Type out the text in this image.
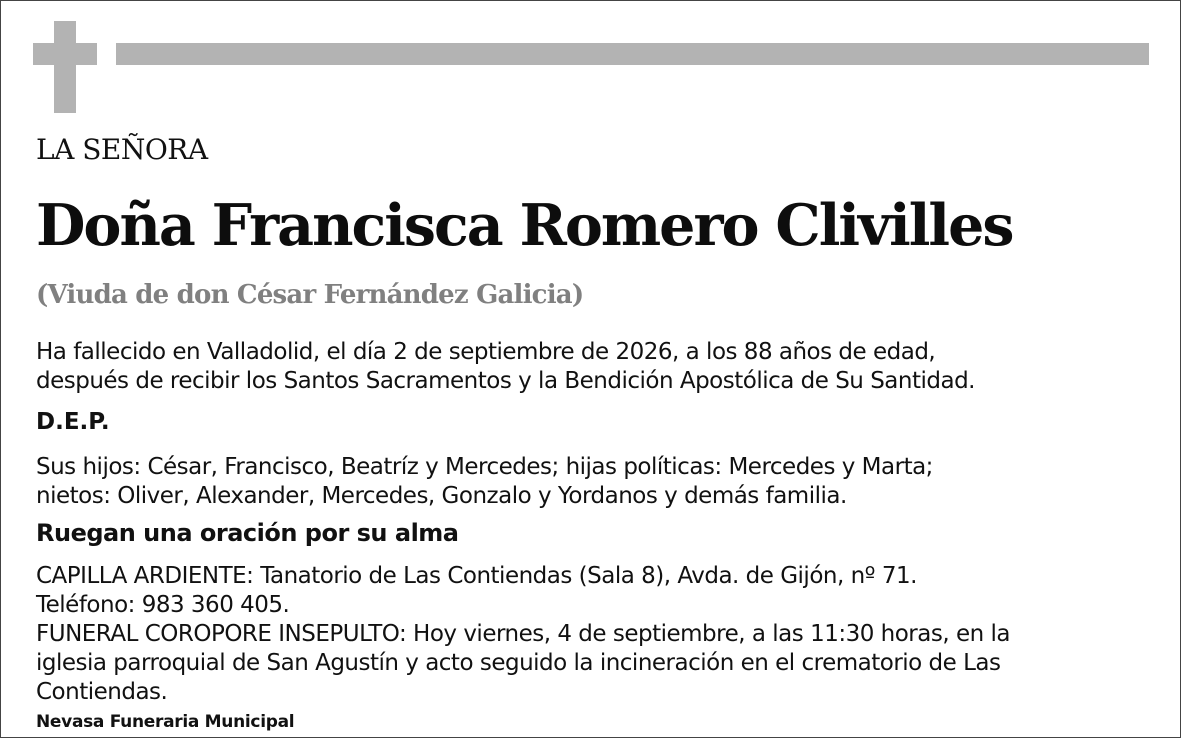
LA SEÑORA
Doña Francisca Romero Clivilles
(Viuda de don César Fernández Galicia)
Ha fallecido en Valladolid, el día 2 de septiembre de 2026, a los 88 años de edad,
después de recibir los Santos Sacramentos y la Bendición Apostólica de Su Santidad.
D.E.P.
Sus hijos: César, Francisco, Beatríz y Mercedes; hijas políticas: Mercedes y Marta;
nietos: Oliver, Alexander, Mercedes, Gonzalo y Yordanos y demás familia.
Ruegan una oración por su alma
CAPILLA ARDIENTE: Tanatorio de Las Contiendas (Sala 8), Avda. de Gijón, nº 71.
Teléfono: 983 360 405.
FUNERAL COROPORE INSEPULTO: Hoy viernes, 4 de septiembre, a las 11:30 horas, en la
iglesia parroquial de San Agustín y acto seguido la incineración en el crematorio de Las
Contiendas.
Nevasa Funeraria Municipal
